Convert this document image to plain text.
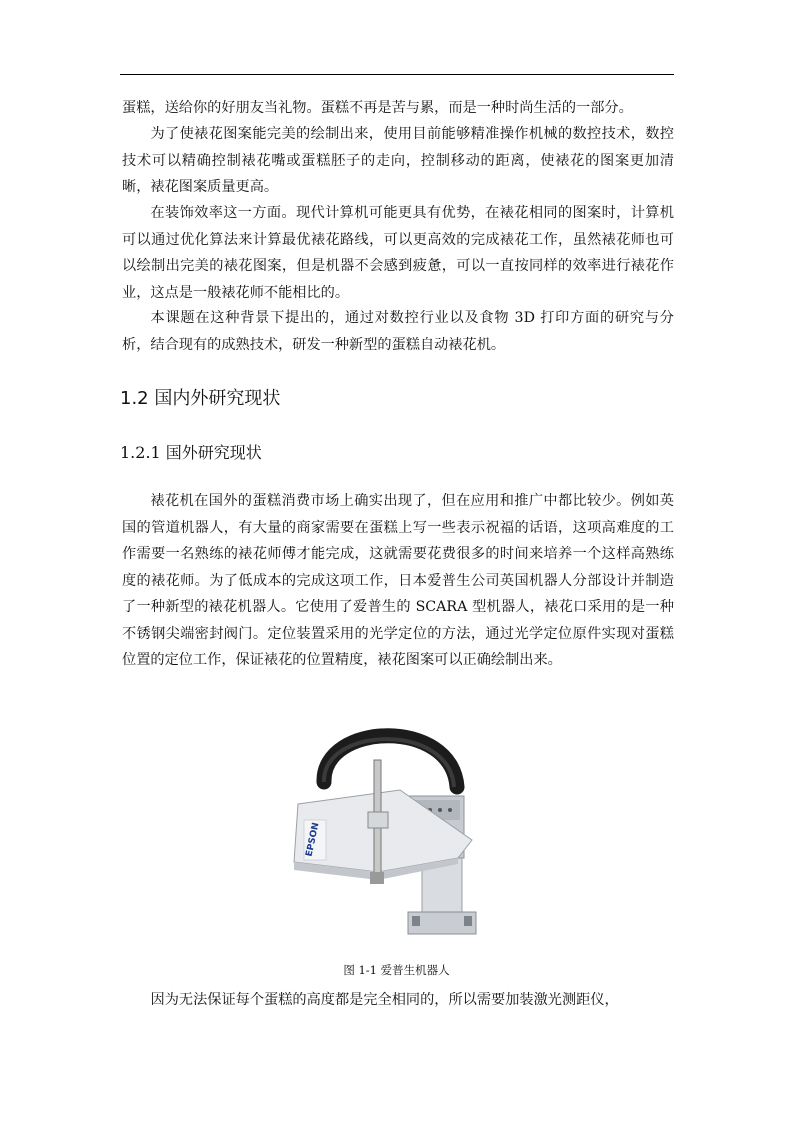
蛋糕，送给你的好朋友当礼物。蛋糕不再是苦与累，而是一种时尚生活的一部分。

为了使裱花图案能完美的绘制出来，使用目前能够精准操作机械的数控技术，数控技术可以精确控制裱花嘴或蛋糕胚子的走向，控制移动的距离，使裱花的图案更加清晰，裱花图案质量更高。

在装饰效率这一方面。现代计算机可能更具有优势，在裱花相同的图案时，计算机可以通过优化算法来计算最优裱花路线，可以更高效的完成裱花工作，虽然裱花师也可以绘制出完美的裱花图案，但是机器不会感到疲惫，可以一直按同样的效率进行裱花作业，这点是一般裱花师不能相比的。

本课题在这种背景下提出的，通过对数控行业以及食物 3D 打印方面的研究与分析，结合现有的成熟技术，研发一种新型的蛋糕自动裱花机。

1.2 国内外研究现状
1.2.1 国外研究现状

裱花机在国外的蛋糕消费市场上确实出现了，但在应用和推广中都比较少。例如英国的管道机器人，有大量的商家需要在蛋糕上写一些表示祝福的话语，这项高难度的工作需要一名熟练的裱花师傅才能完成，这就需要花费很多的时间来培养一个这样高熟练度的裱花师。为了低成本的完成这项工作，日本爱普生公司英国机器人分部设计并制造了一种新型的裱花机器人。它使用了爱普生的 SCARA 型机器人，裱花口采用的是一种不锈钢尖端密封阀门。定位装置采用的光学定位的方法，通过光学定位原件实现对蛋糕位置的定位工作，保证裱花的位置精度，裱花图案可以正确绘制出来。

EPSON

图 1-1 爱普生机器人

因为无法保证每个蛋糕的高度都是完全相同的，所以需要加装激光测距仪，
